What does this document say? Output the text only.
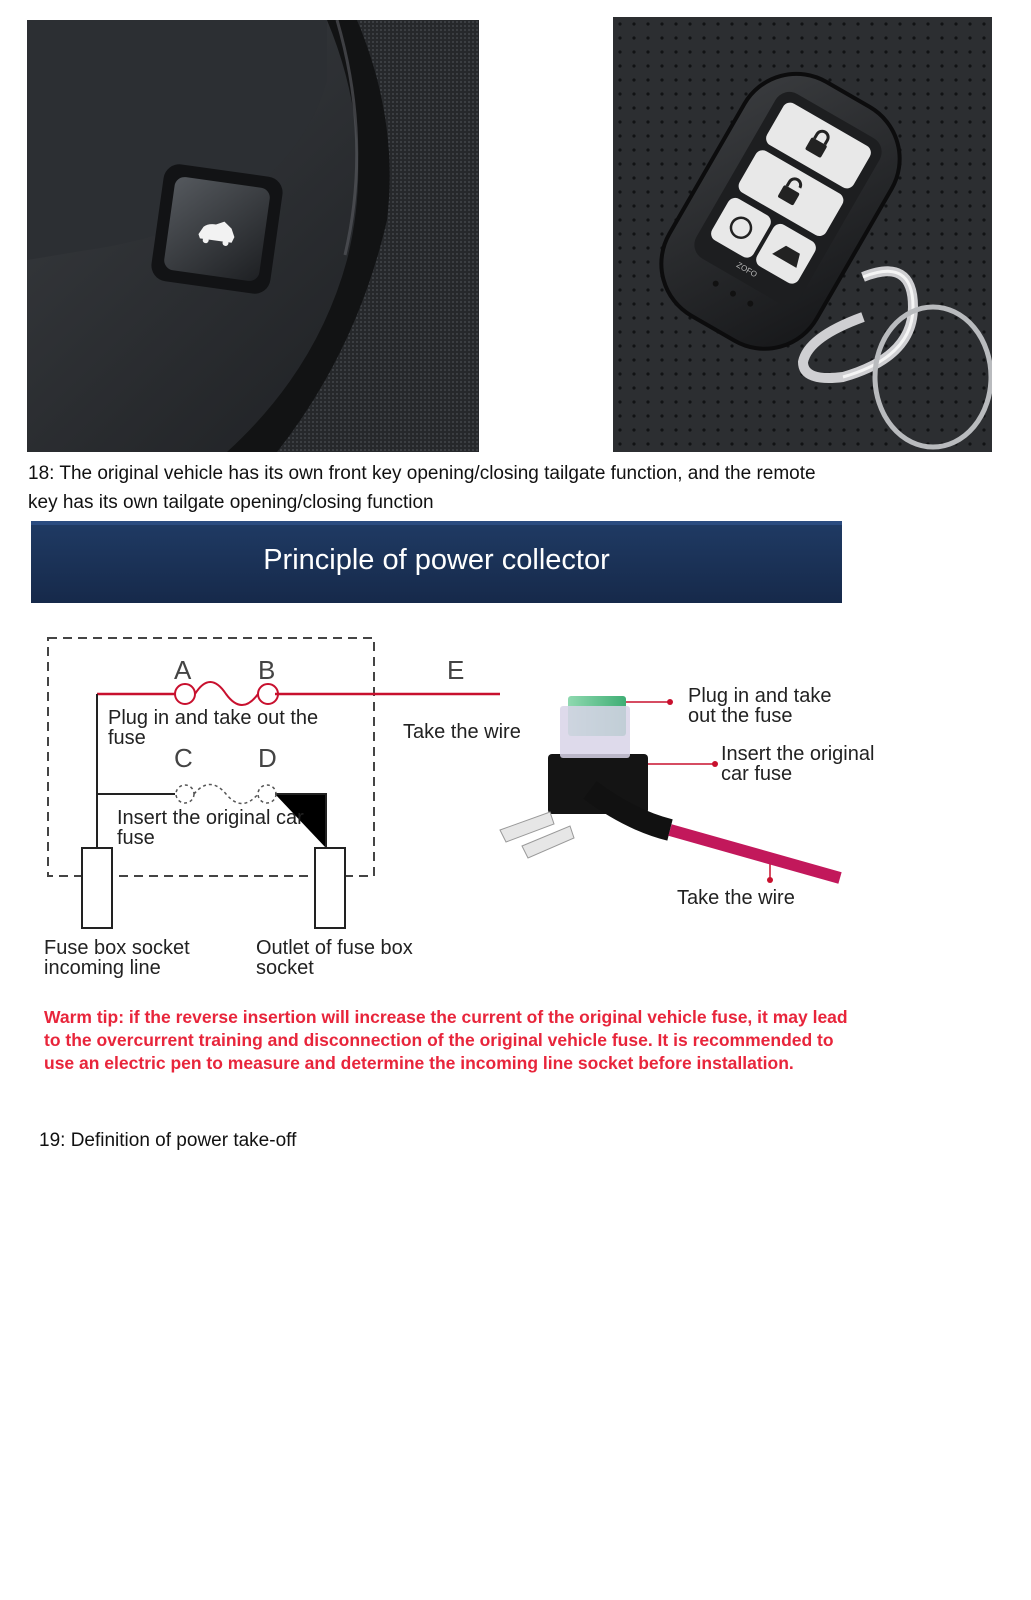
ZOFO
18: The original vehicle has its own front key opening/closing tailgate function, and the remote key has its own tailgate opening/closing function
Principle of power collector
A	B
C	D
E
Plug in and take out the fuse
Insert the original car fuse
Take the wire
Fuse box socket incoming line
Outlet of fuse box socket
Plug in and take out the fuse
Insert the original car fuse
Take the wire
Warm tip: if the reverse insertion will increase the current of the original vehicle fuse, it may lead to the overcurrent training and disconnection of the original vehicle fuse. It is recommended to use an electric pen to measure and determine the incoming line socket before installation.
19: Definition of power take-off
